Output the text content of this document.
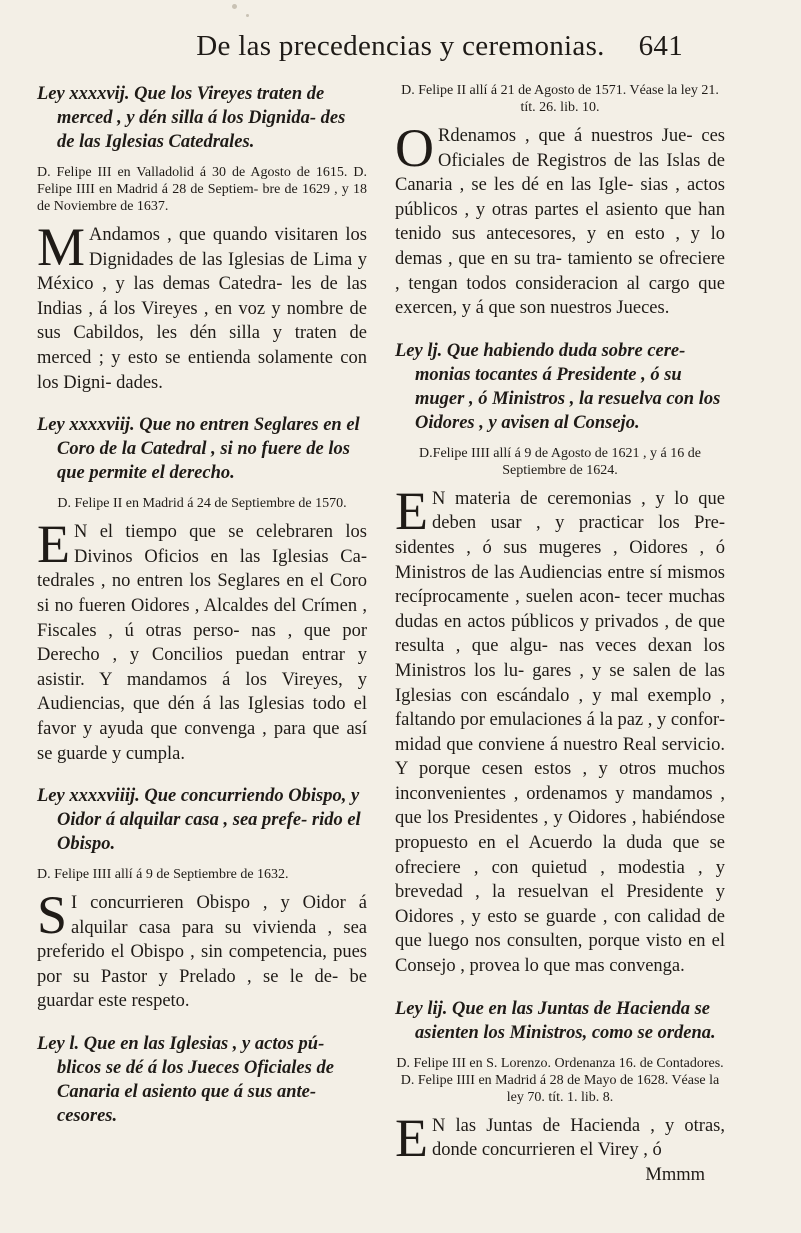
De las precedencias y ceremonias. 641

Ley xxxxvij. Que los Vireyes traten de merced , y dén silla á los Dignida- des de las Iglesias Catedrales.

D. Felipe III en Valladolid á 30 de Agosto de 1615. D. Felipe IIII en Madrid á 28 de Septiem- bre de 1629 , y 18 de Noviembre de 1637.

M Andamos , que quando visitaren los Dignidades de las Iglesias de Lima y México , y las demas Catedra- les de las Indias , á los Vireyes , en voz y nombre de sus Cabildos, les dén silla y traten de merced ; y esto se entienda solamente con los Digni- dades.

Ley xxxxviij. Que no entren Seglares en el Coro de la Catedral , si no fuere de los que permite el derecho.

D. Felipe II en Madrid á 24 de Septiembre de 1570.

E N el tiempo que se celebraren los Divinos Oficios en las Iglesias Ca- tedrales , no entren los Seglares en el Coro si no fueren Oidores , Alcaldes del Crímen , Fiscales , ú otras perso- nas , que por Derecho , y Concilios puedan entrar y asistir. Y mandamos á los Vireyes, y Audiencias, que dén á las Iglesias todo el favor y ayuda que convenga , para que así se guarde y cumpla.

Ley xxxxviiij. Que concurriendo Obispo, y Oidor á alquilar casa , sea prefe- rido el Obispo.

D. Felipe IIII allí á 9 de Septiembre de 1632.

S I concurrieren Obispo , y Oidor á alquilar casa para su vivienda , sea preferido el Obispo , sin competencia, pues por su Pastor y Prelado , se le de- be guardar este respeto.

Ley l. Que en las Iglesias , y actos pú- blicos se dé á los Jueces Oficiales de Canaria el asiento que á sus ante- cesores.

D. Felipe II allí á 21 de Agosto de 1571. Véase la ley 21. tít. 26. lib. 10.

O Rdenamos , que á nuestros Jue- ces Oficiales de Registros de las Islas de Canaria , se les dé en las Igle- sias , actos públicos , y otras partes el asiento que han tenido sus antecesores, y en esto , y lo demas , que en su tra- tamiento se ofreciere , tengan todos consideracion al cargo que exercen, y á que son nuestros Jueces.

Ley lj. Que habiendo duda sobre cere- monias tocantes á Presidente , ó su muger , ó Ministros , la resuelva con los Oidores , y avisen al Consejo.

D.Felipe IIII allí á 9 de Agosto de 1621 , y á 16 de Septiembre de 1624.

E N materia de ceremonias , y lo que deben usar , y practicar los Pre- sidentes , ó sus mugeres , Oidores , ó Ministros de las Audiencias entre sí mismos recíprocamente , suelen acon- tecer muchas dudas en actos públicos y privados , de que resulta , que algu- nas veces dexan los Ministros los lu- gares , y se salen de las Iglesias con escándalo , y mal exemplo , faltando por emulaciones á la paz , y confor- midad que conviene á nuestro Real servicio. Y porque cesen estos , y otros muchos inconvenientes , ordenamos y mandamos , que los Presidentes , y Oidores , habiéndose propuesto en el Acuerdo la duda que se ofreciere , con quietud , modestia , y brevedad , la resuelvan el Presidente y Oidores , y esto se guarde , con calidad de que luego nos consulten, porque visto en el Consejo , provea lo que mas convenga.

Ley lij. Que en las Juntas de Hacienda se asienten los Ministros, como se ordena.

D. Felipe III en S. Lorenzo. Ordenanza 16. de Contadores. D. Felipe IIII en Madrid á 28 de Mayo de 1628. Véase la ley 70. tít. 1. lib. 8.

E N las Juntas de Hacienda , y otras, donde concurrieren el Virey , ó

Mmmm
